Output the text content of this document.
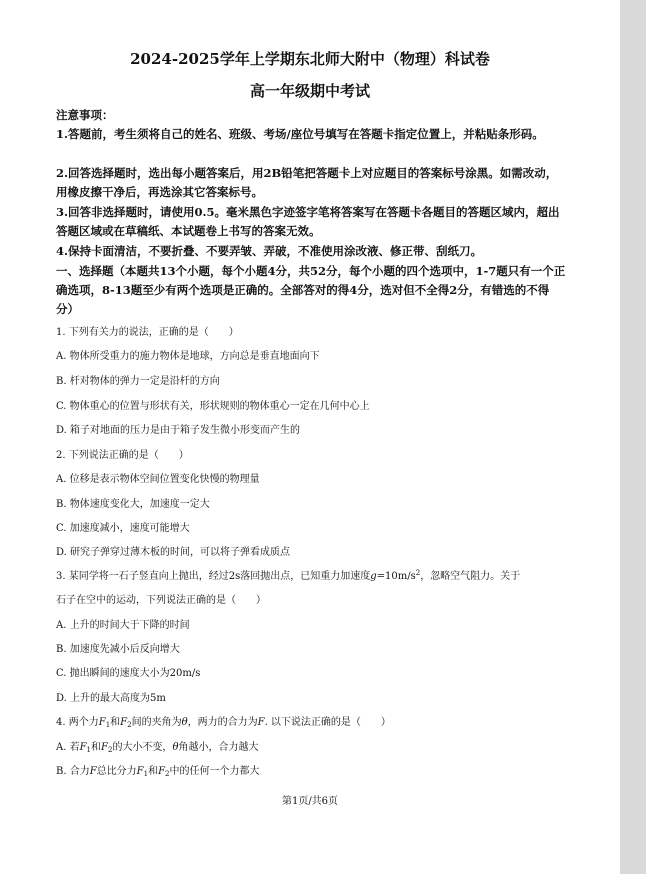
2024-2025学年上学期东北师大附中（物理）科试卷
高一年级期中考试
注意事项：
1.答题前，考生须将自己的姓名、班级、考场/座位号填写在答题卡指定位置上，并粘贴条形码。
2.回答选择题时，选出每小题答案后，用2B铅笔把答题卡上对应题目的答案标号涂黑。如需改动，用橡皮擦干净后，再选涂其它答案标号。
3.回答非选择题时，请使用0.5。毫米黑色字迹签字笔将答案写在答题卡各题目的答题区域内，超出答题区域或在草稿纸、本试题卷上书写的答案无效。
4.保持卡面清洁，不要折叠、不要弄皱、弄破，不准使用涂改液、修正带、刮纸刀。
一、选择题（本题共13个小题，每个小题4分，共52分，每个小题的四个选项中，1-7题只有一个正确选项，8-13题至少有两个选项是正确的。全部答对的得4分，选对但不全得2分，有错选的不得分）
1. 下列有关力的说法，正确的是（　　）
A. 物体所受重力的施力物体是地球，方向总是垂直地面向下
B. 杆对物体的弹力一定是沿杆的方向
C. 物体重心的位置与形状有关，形状规则的物体重心一定在几何中心上
D. 箱子对地面的压力是由于箱子发生微小形变而产生的
2. 下列说法正确的是（　　）
A. 位移是表示物体空间位置变化快慢的物理量
B. 物体速度变化大，加速度一定大
C. 加速度减小，速度可能增大
D. 研究子弹穿过薄木板的时间，可以将子弹看成质点
3. 某同学将一石子竖直向上抛出，经过2s落回抛出点，已知重力加速度$g=10m/s^2$，忽略空气阻力。关于
石子在空中的运动，下列说法正确的是（　　）
A. 上升的时间大于下降的时间
B. 加速度先减小后反向增大
C. 抛出瞬间的速度大小为20m/s
D. 上升的最大高度为5m
4. 两个力$F_1$和$F_2$间的夹角为θ，两力的合力为F. 以下说法正确的是（　　）
A. 若$F_1$和$F_2$的大小不变，θ角越小，合力越大
B. 合力F总比分力$F_1$和$F_2$中的任何一个力都大
第1页/共6页
